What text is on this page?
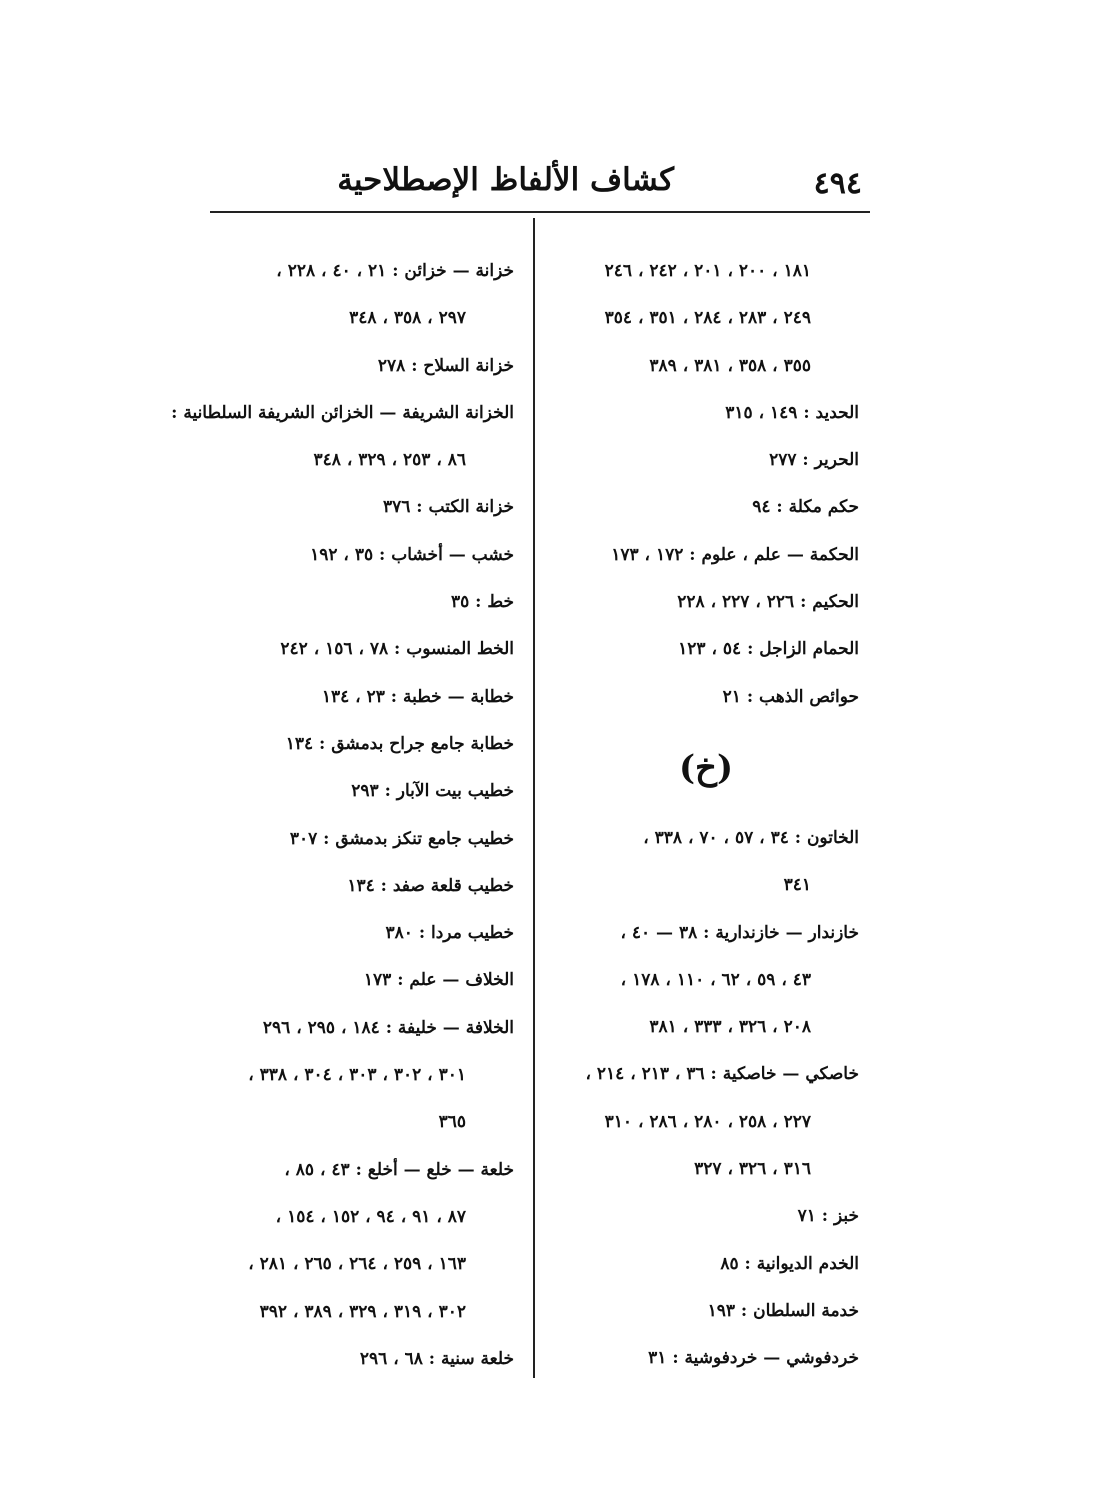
٤٩٤
كشاف الألفاظ الإصطلاحية
١٨١ ، ٢٠٠ ، ٢٠١ ، ٢٤٢ ، ٢٤٦
٢٤٩ ، ٢٨٣ ، ٢٨٤ ، ٣٥١ ، ٣٥٤
٣٥٥ ، ٣٥٨ ، ٣٨١ ، ٣٨٩
الحديد : ١٤٩ ، ٣١٥
الحرير : ٢٧٧
حكم مكلة : ٩٤
الحكمة — علم ، علوم : ١٧٢ ، ١٧٣
الحكيم : ٢٢٦ ، ٢٢٧ ، ٢٢٨
الحمام الزاجل : ٥٤ ، ١٢٣
حوائص الذهب : ٢١
(خ)
الخاتون : ٣٤ ، ٥٧ ، ٧٠ ، ٣٣٨ ،
٣٤١
خازندار — خازندارية : ٣٨ — ٤٠ ،
٤٣ ، ٥٩ ، ٦٢ ، ١١٠ ، ١٧٨ ،
٢٠٨ ، ٣٢٦ ، ٣٣٣ ، ٣٨١
خاصكي — خاصكية : ٣٦ ، ٢١٣ ، ٢١٤ ،
٢٢٧ ، ٢٥٨ ، ٢٨٠ ، ٢٨٦ ، ٣١٠
٣١٦ ، ٣٢٦ ، ٣٢٧
خبز : ٧١
الخدم الديوانية : ٨٥
خدمة السلطان : ١٩٣
خردفوشي — خردفوشية : ٣١
خزانة — خزائن : ٢١ ، ٤٠ ، ٢٢٨ ،
٢٩٧ ، ٣٥٨ ، ٣٤٨
خزانة السلاح : ٢٧٨
الخزانة الشريفة — الخزائن الشريفة السلطانية :
٨٦ ، ٢٥٣ ، ٣٢٩ ، ٣٤٨
خزانة الكتب : ٣٧٦
خشب — أخشاب : ٣٥ ، ١٩٢
خط : ٣٥
الخط المنسوب : ٧٨ ، ١٥٦ ، ٢٤٢
خطابة — خطبة : ٢٣ ، ١٣٤
خطابة جامع جراح بدمشق : ١٣٤
خطيب بيت الآبار : ٢٩٣
خطيب جامع تنكز بدمشق : ٣٠٧
خطيب قلعة صفد : ١٣٤
خطيب مردا : ٣٨٠
الخلاف — علم : ١٧٣
الخلافة — خليفة : ١٨٤ ، ٢٩٥ ، ٢٩٦
٣٠١ ، ٣٠٢ ، ٣٠٣ ، ٣٠٤ ، ٣٣٨ ،
٣٦٥
خلعة — خلع — أخلع : ٤٣ ، ٨٥ ،
٨٧ ، ٩١ ، ٩٤ ، ١٥٢ ، ١٥٤ ،
١٦٣ ، ٢٥٩ ، ٢٦٤ ، ٢٦٥ ، ٢٨١ ،
٣٠٢ ، ٣١٩ ، ٣٢٩ ، ٣٨٩ ، ٣٩٢
خلعة سنية : ٦٨ ، ٢٩٦
